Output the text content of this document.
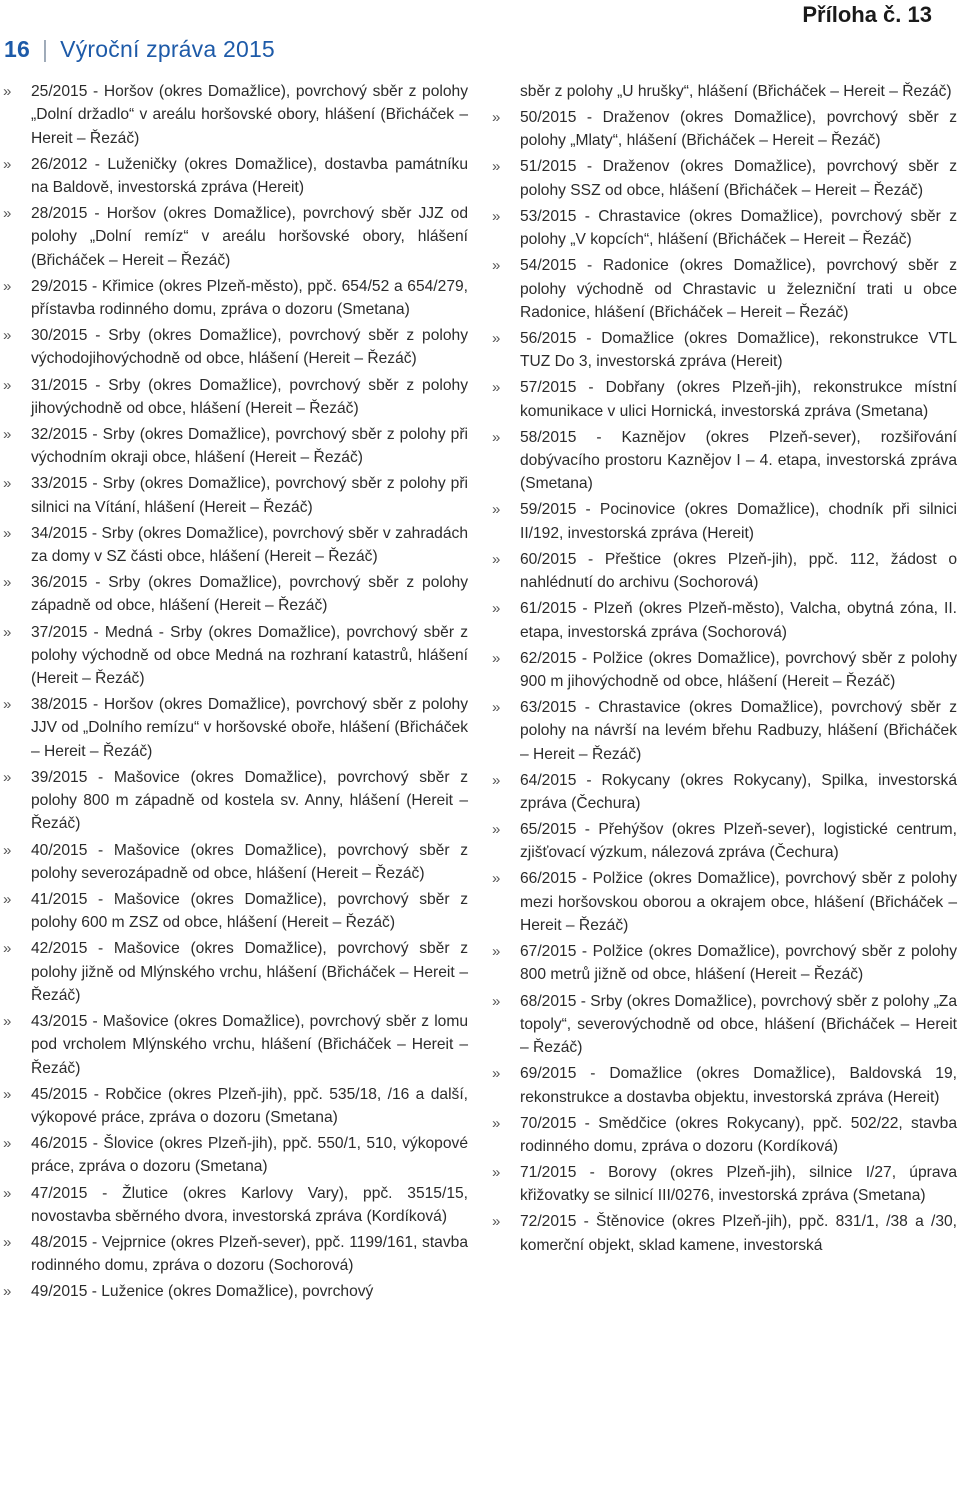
Příloha č. 13
16 | Výroční zpráva 2015
» 25/2015 - Horšov (okres Domažlice), povrchový sběr z polohy „Dolní držadlo“ v areálu horšovské obory, hlášení (Břicháček – Hereit – Řezáč)
» 26/2012 - Luženičky (okres Domažlice), dostavba památníku na Baldově, investorská zpráva (Hereit)
» 28/2015 - Horšov (okres Domažlice), povrchový sběr JJZ od polohy „Dolní remíz“ v areálu horšovské obory, hlášení (Břicháček – Hereit – Řezáč)
» 29/2015 - Křimice (okres Plzeň-město), ppč. 654/52 a 654/279, přístavba rodinného domu, zpráva o dozoru (Smetana)
» 30/2015 - Srby (okres Domažlice), povrchový sběr z polohy východojihovýchodně od obce, hlášení (Hereit – Řezáč)
» 31/2015 - Srby (okres Domažlice), povrchový sběr z polohy jihovýchodně od obce, hlášení (Hereit – Řezáč)
» 32/2015 - Srby (okres Domažlice), povrchový sběr z polohy při východním okraji obce, hlášení (Hereit – Řezáč)
» 33/2015 - Srby (okres Domažlice), povrchový sběr z polohy při silnici na Vítání, hlášení (Hereit – Řezáč)
» 34/2015 - Srby (okres Domažlice), povrchový sběr v zahradách za domy v SZ části obce, hlášení (Hereit – Řezáč)
» 36/2015 - Srby (okres Domažlice), povrchový sběr z polohy západně od obce, hlášení (Hereit – Řezáč)
» 37/2015 - Medná - Srby (okres Domažlice), povrchový sběr z polohy východně od obce Medná na rozhraní katastrů, hlášení (Hereit – Řezáč)
» 38/2015 - Horšov (okres Domažlice), povrchový sběr z polohy JJV od „Dolního remízu“ v horšovské oboře, hlášení (Břicháček – Hereit – Řezáč)
» 39/2015 - Mašovice (okres Domažlice), povrchový sběr z polohy 800 m západně od kostela sv. Anny, hlášení (Hereit – Řezáč)
» 40/2015 - Mašovice (okres Domažlice), povrchový sběr z polohy severozápadně od obce, hlášení (Hereit – Řezáč)
» 41/2015 - Mašovice (okres Domažlice), povrchový sběr z polohy 600 m ZSZ od obce, hlášení (Hereit – Řezáč)
» 42/2015 - Mašovice (okres Domažlice), povrchový sběr z polohy jižně od Mlýnského vrchu, hlášení (Břicháček – Hereit – Řezáč)
» 43/2015 - Mašovice (okres Domažlice), povrchový sběr z lomu pod vrcholem Mlýnského vrchu, hlášení (Břicháček – Hereit – Řezáč)
» 45/2015 - Robčice (okres Plzeň-jih), ppč. 535/18, /16 a další, výkopové práce, zpráva o dozoru (Smetana)
» 46/2015 - Šlovice (okres Plzeň-jih), ppč. 550/1, 510, výkopové práce, zpráva o dozoru (Smetana)
» 47/2015 - Žlutice (okres Karlovy Vary), ppč. 3515/15, novostavba sběrného dvora, investorská zpráva (Kordíková)
» 48/2015 - Vejprnice (okres Plzeň-sever), ppč. 1199/161, stavba rodinného domu, zpráva o dozoru (Sochorová)
» 49/2015 - Luženice (okres Domažlice), povrchový
sběr z polohy „U hrušky“, hlášení (Břicháček – Hereit – Řezáč)
» 50/2015 - Draženov (okres Domažlice), povrchový sběr z polohy „Mlaty“, hlášení (Břicháček – Hereit – Řezáč)
» 51/2015 - Draženov (okres Domažlice), povrchový sběr z polohy SSZ od obce, hlášení (Břicháček – Hereit – Řezáč)
» 53/2015 - Chrastavice (okres Domažlice), povrchový sběr z polohy „V kopcích“, hlášení (Břicháček – Hereit – Řezáč)
» 54/2015 - Radonice (okres Domažlice), povrchový sběr z polohy východně od Chrastavic u železniční trati u obce Radonice, hlášení (Břicháček – Hereit – Řezáč)
» 56/2015 - Domažlice (okres Domažlice), rekonstrukce VTL TUZ Do 3, investorská zpráva (Hereit)
» 57/2015 - Dobřany (okres Plzeň-jih), rekonstrukce místní komunikace v ulici Hornická, investorská zpráva (Smetana)
» 58/2015 - Kaznějov (okres Plzeň-sever), rozšiřování dobývacího prostoru Kaznějov I – 4. etapa, investorská zpráva (Smetana)
» 59/2015 - Pocinovice (okres Domažlice), chodník při silnici II/192, investorská zpráva (Hereit)
» 60/2015 - Přeštice (okres Plzeň-jih), ppč. 112, žádost o nahlédnutí do archivu (Sochorová)
» 61/2015 - Plzeň (okres Plzeň-město), Valcha, obytná zóna, II. etapa, investorská zpráva (Sochorová)
» 62/2015 - Polžice (okres Domažlice), povrchový sběr z polohy 900 m jihovýchodně od obce, hlášení (Hereit – Řezáč)
» 63/2015 - Chrastavice (okres Domažlice), povrchový sběr z polohy na návrší na levém břehu Radbuzy, hlášení (Břicháček – Hereit – Řezáč)
» 64/2015 - Rokycany (okres Rokycany), Spilka, investorská zpráva (Čechura)
» 65/2015 - Přehýšov (okres Plzeň-sever), logistické centrum, zjišťovací výzkum, nálezová zpráva (Čechura)
» 66/2015 - Polžice (okres Domažlice), povrchový sběr z polohy mezi horšovskou oborou a okrajem obce, hlášení (Břicháček – Hereit – Řezáč)
» 67/2015 - Polžice (okres Domažlice), povrchový sběr z polohy 800 metrů jižně od obce, hlášení (Hereit – Řezáč)
» 68/2015 - Srby (okres Domažlice), povrchový sběr z polohy „Za topoly“, severovýchodně od obce, hlášení (Břicháček – Hereit – Řezáč)
» 69/2015 - Domažlice (okres Domažlice), Baldovská 19, rekonstrukce a dostavba objektu, investorská zpráva (Hereit)
» 70/2015 - Smědčice (okres Rokycany), ppč. 502/22, stavba rodinného domu, zpráva o dozoru (Kordíková)
» 71/2015 - Borovy (okres Plzeň-jih), silnice I/27, úprava křižovatky se silnicí III/0276, investorská zpráva (Smetana)
» 72/2015 - Štěnovice (okres Plzeň-jih), ppč. 831/1, /38 a /30, komerční objekt, sklad kamene, investorská
